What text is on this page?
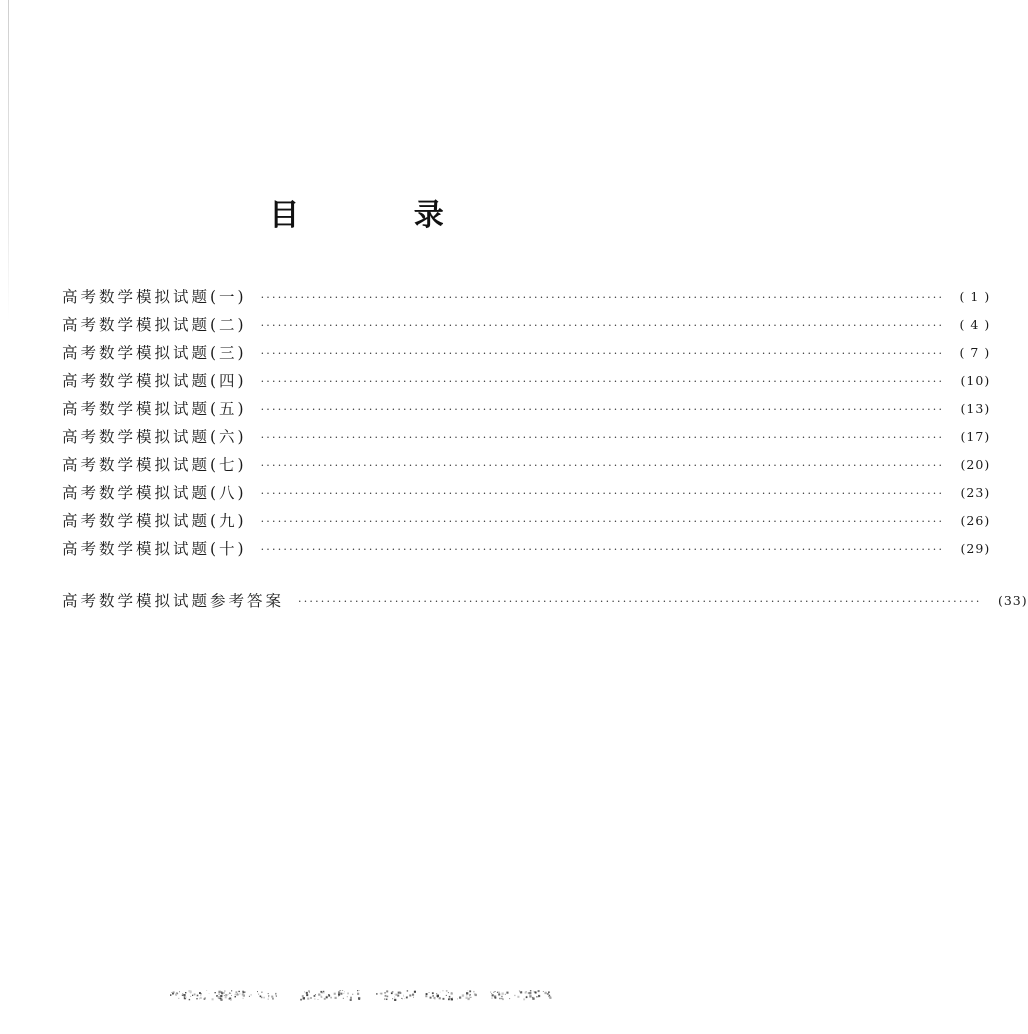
目 录
高考数学模拟试题(一) ························································································································	( 1 )
高考数学模拟试题(二) ························································································································	( 4 )
高考数学模拟试题(三) ························································································································	( 7 )
高考数学模拟试题(四) ························································································································	(10)
高考数学模拟试题(五) ························································································································	(13)
高考数学模拟试题(六) ························································································································	(17)
高考数学模拟试题(七) ························································································································	(20)
高考数学模拟试题(八) ························································································································	(23)
高考数学模拟试题(九) ························································································································	(26)
高考数学模拟试题(十) ························································································································	(29)
高考数学模拟试题参考答案 ························································································································	(33)
